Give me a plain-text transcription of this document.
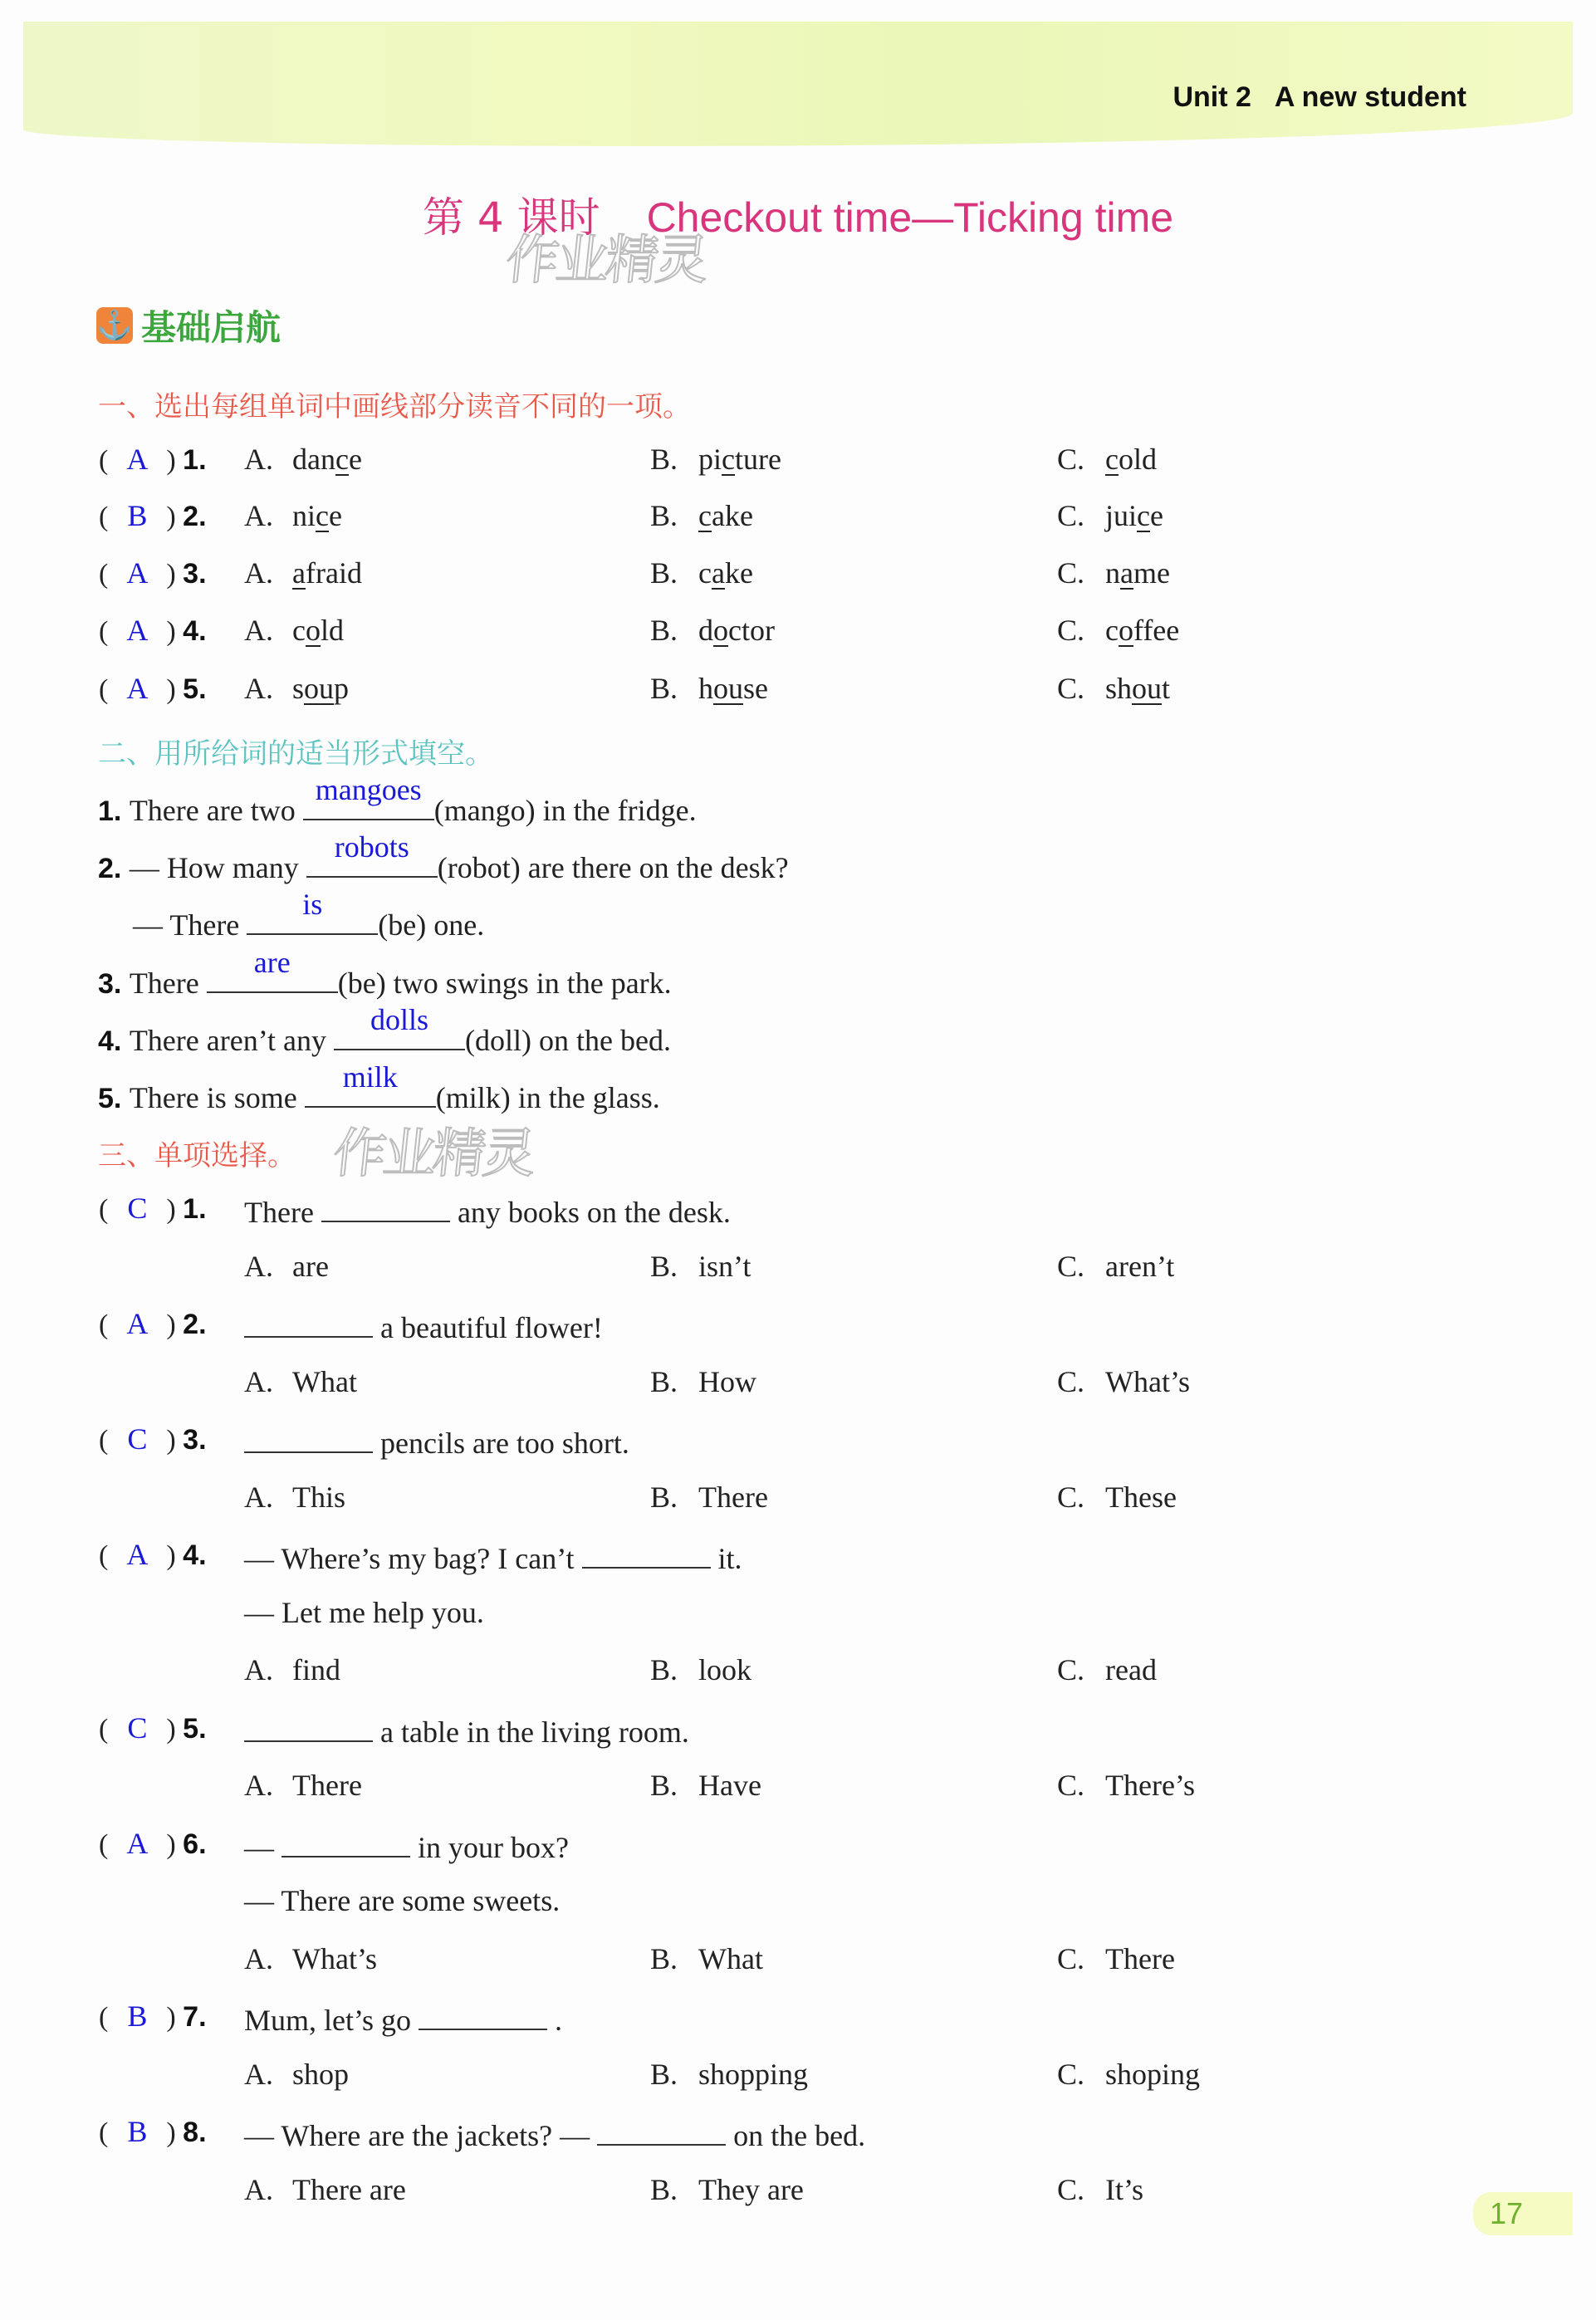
Unit 2 A new student
第 4 课时 Checkout time—Ticking time
作业精灵
作业精灵
⚓ 基础启航
一、选出每组单词中画线部分读音不同的一项。
( A ) 1. A. dance	B. picture	C. cold
( B ) 2. A. nice	B. cake	C. juice
( A ) 3. A. afraid	B. cake	C. name
( A ) 4. A. cold	B. doctor	C. coffee
( A ) 5. A. soup	B. house	C. shout
二、用所给词的适当形式填空。
1. There are two
mangoes
(mango) in the fridge.
2. — How many
robots
(robot) are there on the desk?
— There
is
(be) one.
3. There
are
(be) two swings in the park.
4. There aren’t any
dolls
(doll) on the bed.
5. There is some
milk
(milk) in the glass.
三、单项选择。
( C ) 1. There	any books on the desk.
A. are	B. isn’t	C. aren’t
( A ) 2.	a beautiful flower!
A. What	B. How	C. What’s
( C ) 3.	pencils are too short.
A. This	B. There	C. These
( A ) 4. — Where’s my bag? I can’t	it.
— Let me help you.
A. find	B. look	C. read
( C ) 5.	a table in the living room.
A. There	B. Have	C. There’s
( A ) 6. —	in your box?
— There are some sweets.
A. What’s	B. What	C. There
( B ) 7. Mum, let’s go	.
A. shop	B. shopping	C. shoping
( B ) 8. — Where are the jackets? —	on the bed.
A. There are	B. They are	C. It’s
17
